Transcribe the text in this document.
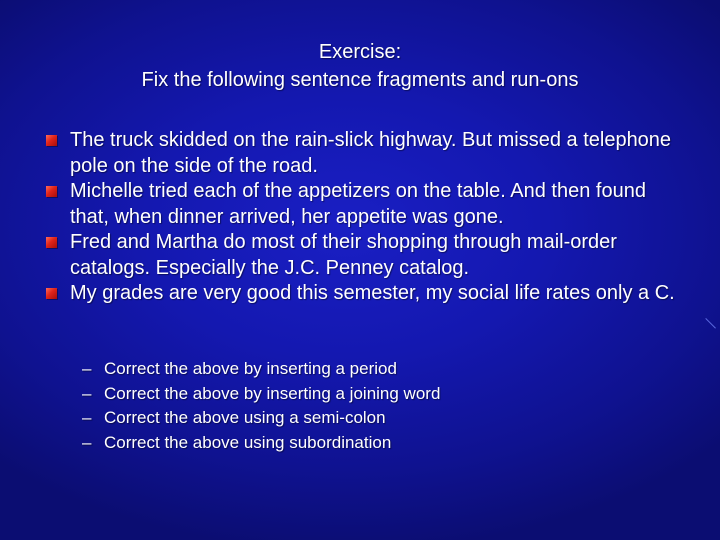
Exercise:
Fix the following sentence fragments and run-ons
The truck skidded on the rain-slick highway. But missed a telephone pole on the side of the road.
Michelle tried each of the appetizers on the table. And then found that, when dinner arrived, her appetite was gone.
Fred and Martha do most of their shopping through mail-order catalogs. Especially the J.C. Penney catalog.
My grades are very good this semester, my social life rates only a C.
– Correct the above by inserting a period
– Correct the above by inserting a joining word
– Correct the above using a semi-colon
– Correct the above using subordination
